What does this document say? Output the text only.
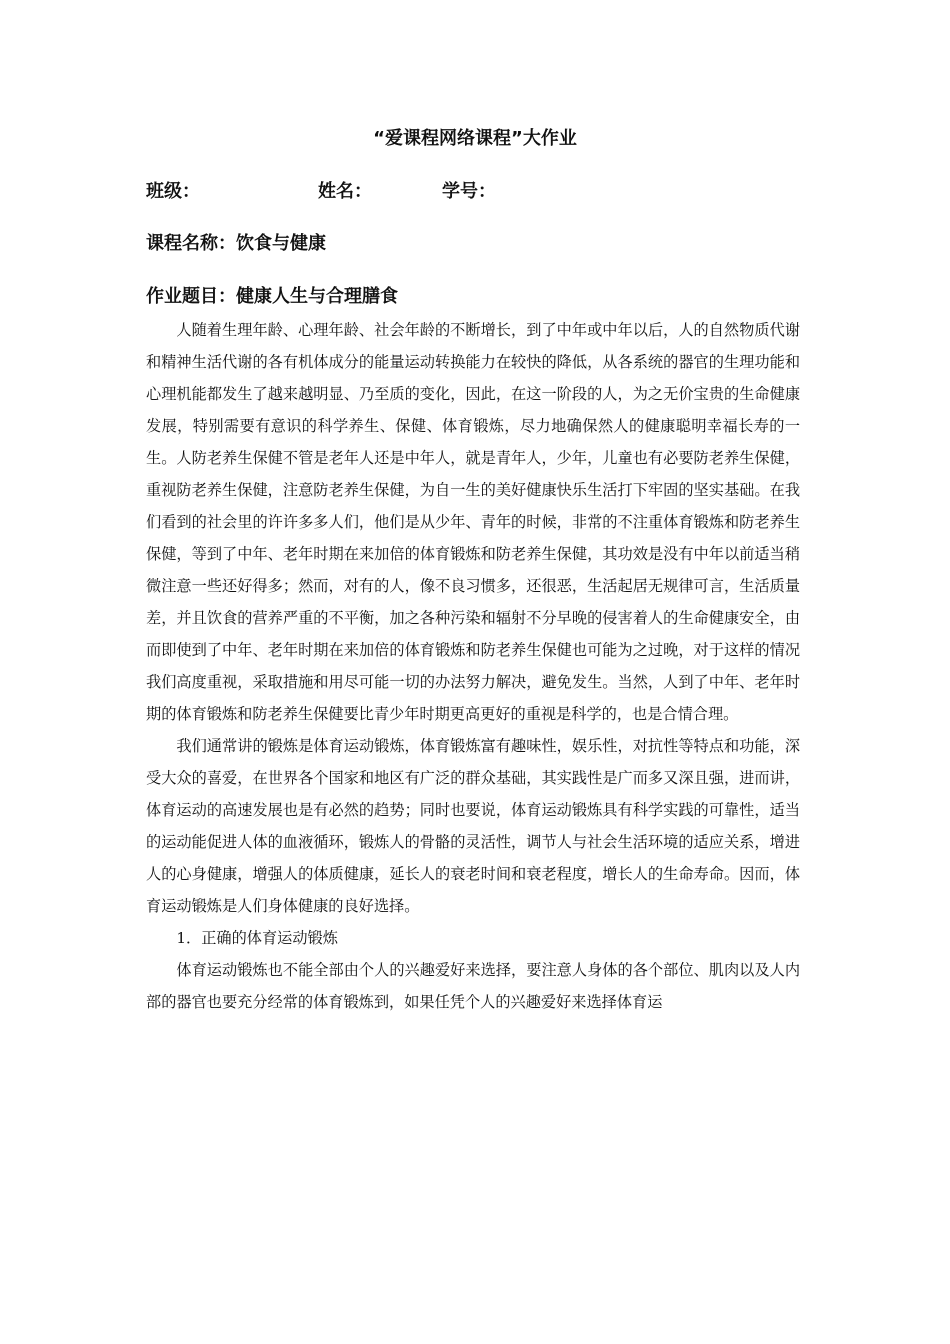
“爱课程网络课程”大作业
班级：	姓名：	学号：
课程名称：饮食与健康
作业题目：健康人生与合理膳食

人随着生理年龄、心理年龄、社会年龄的不断增长，到了中年或中年以后，人的自然物质代谢和精神生活代谢的各有机体成分的能量运动转换能力在较快的降低，从各系统的器官的生理功能和心理机能都发生了越来越明显、乃至质的变化，因此，在这一阶段的人，为之无价宝贵的生命健康发展，特别需要有意识的科学养生、保健、体育锻炼，尽力地确保然人的健康聪明幸福长寿的一生。人防老养生保健不管是老年人还是中年人，就是青年人，少年，儿童也有必要防老养生保健，重视防老养生保健，注意防老养生保健，为自一生的美好健康快乐生活打下牢固的坚实基础。在我们看到的社会里的许许多多人们，他们是从少年、青年的时候，非常的不注重体育锻炼和防老养生保健，等到了中年、老年时期在来加倍的体育锻炼和防老养生保健，其功效是没有中年以前适当稍微注意一些还好得多；然而，对有的人，像不良习惯多，还很恶，生活起居无规律可言，生活质量差，并且饮食的营养严重的不平衡，加之各种污染和辐射不分早晚的侵害着人的生命健康安全，由而即使到了中年、老年时期在来加倍的体育锻炼和防老养生保健也可能为之过晚，对于这样的情况我们高度重视，采取措施和用尽可能一切的办法努力解决，避免发生。当然，人到了中年、老年时期的体育锻炼和防老养生保健要比青少年时期更高更好的重视是科学的，也是合情合理。

我们通常讲的锻炼是体育运动锻炼，体育锻炼富有趣味性，娱乐性，对抗性等特点和功能，深受大众的喜爱，在世界各个国家和地区有广泛的群众基础，其实践性是广而多又深且强，进而讲，体育运动的高速发展也是有必然的趋势；同时也要说，体育运动锻炼具有科学实践的可靠性，适当的运动能促进人体的血液循环，锻炼人的骨骼的灵活性，调节人与社会生活环境的适应关系，增进人的心身健康，增强人的体质健康，延长人的衰老时间和衰老程度，增长人的生命寿命。因而，体育运动锻炼是人们身体健康的良好选择。

1．正确的体育运动锻炼

体育运动锻炼也不能全部由个人的兴趣爱好来选择，要注意人身体的各个部位、肌肉以及人内部的器官也要充分经常的体育锻炼到，如果任凭个人的兴趣爱好来选择体育运
